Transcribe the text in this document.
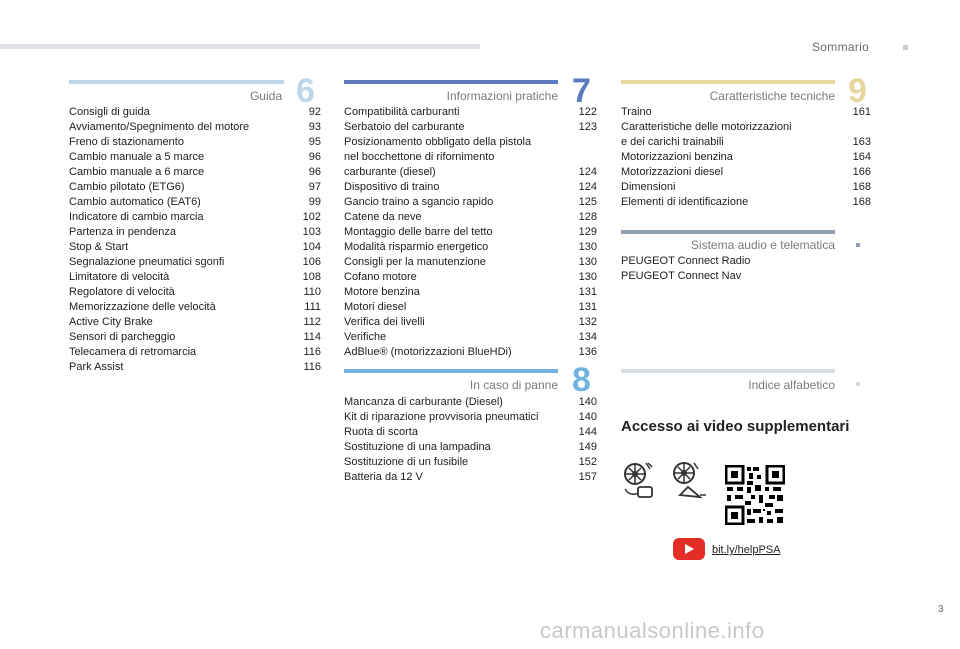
Sommario
6
Guida
Consigli di guida	92
Avviamento/Spegnimento del motore	93
Freno di stazionamento	95
Cambio manuale a 5 marce	96
Cambio manuale a 6 marce	96
Cambio pilotato (ETG6)	97
Cambio automatico (EAT6)	99
Indicatore di cambio marcia	102
Partenza in pendenza	103
Stop & Start	104
Segnalazione pneumatici sgonfi	106
Limitatore di velocità	108
Regolatore di velocità	110
Memorizzazione delle velocità	111
Active City Brake	112
Sensori di parcheggio	114
Telecamera di retromarcia	116
Park Assist	116
7
Informazioni pratiche
Compatibilità carburanti	122
Serbatoio del carburante	123
Posizionamento obbligato della pistola
nel bocchettone di rifornimento
carburante (diesel)	124
Dispositivo di traino	124
Gancio traino a sgancio rapido	125
Catene da neve	128
Montaggio delle barre del tetto	129
Modalità risparmio energetico	130
Consigli per la manutenzione	130
Cofano motore	130
Motore benzina	131
Motori diesel	131
Verifica dei livelli	132
Verifiche	134
AdBlue® (motorizzazioni BlueHDi)	136
8
In caso di panne
Mancanza di carburante (Diesel)	140
Kit di riparazione provvisoria pneumatici	140
Ruota di scorta	144
Sostituzione di una lampadina	149
Sostituzione di un fusibile	152
Batteria da 12 V	157
9
Caratteristiche tecniche
Traino	161
Caratteristiche delle motorizzazioni
e dei carichi trainabili	163
Motorizzazioni benzina	164
Motorizzazioni diesel	166
Dimensioni	168
Elementi di identificazione	168
Sistema audio e telematica
PEUGEOT Connect Radio
PEUGEOT Connect Nav
Indice alfabetico
Accesso ai video supplementari
bit.ly/helpPSA
3
carmanualsonline.info
